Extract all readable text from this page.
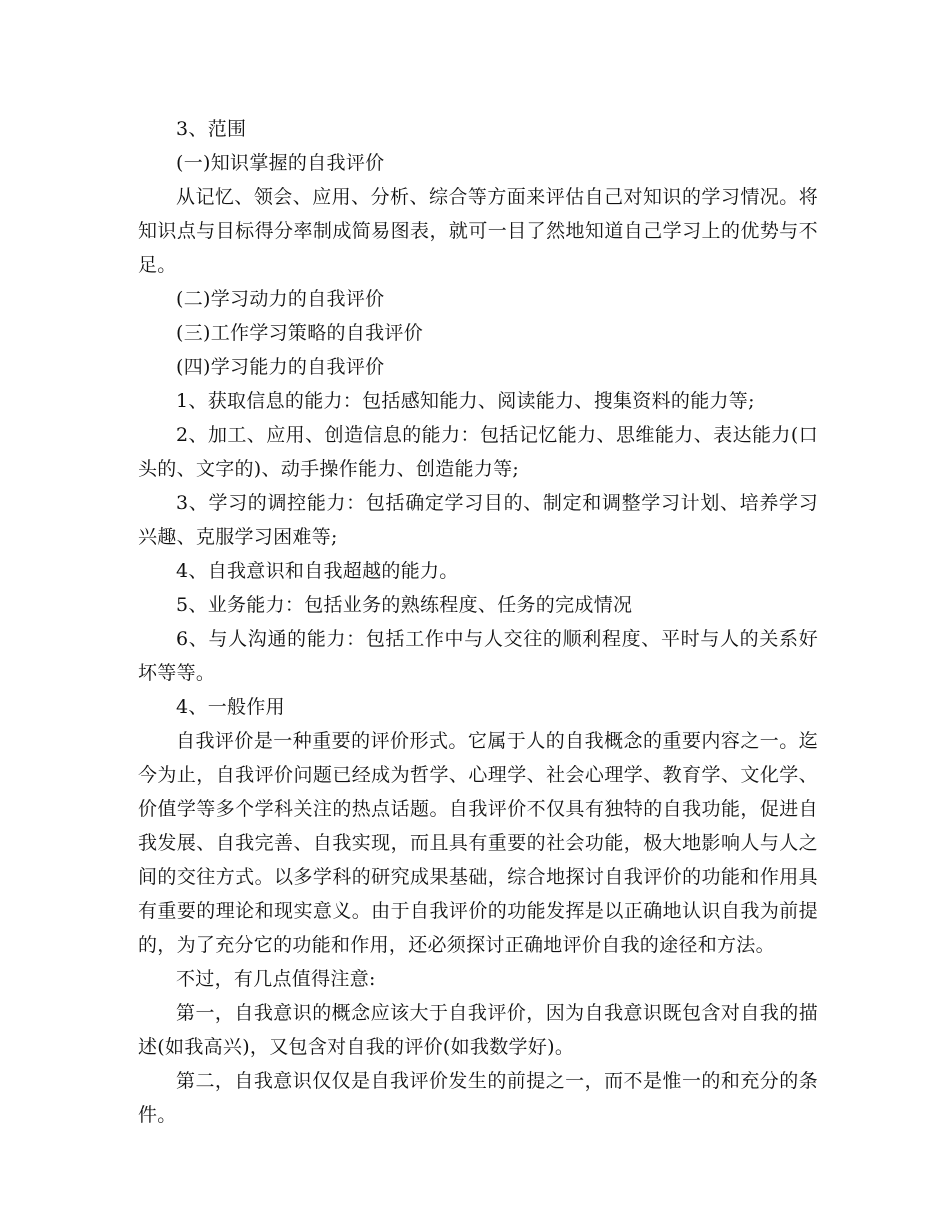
3、范围

(一)知识掌握的自我评价

从记忆、领会、应用、分析、综合等方面来评估自己对知识的学习情况。将知识点与目标得分率制成简易图表，就可一目了然地知道自己学习上的优势与不足。

(二)学习动力的自我评价

(三)工作学习策略的自我评价

(四)学习能力的自我评价

1、获取信息的能力：包括感知能力、阅读能力、搜集资料的能力等;

2、加工、应用、创造信息的能力：包括记忆能力、思维能力、表达能力(口头的、文字的)、动手操作能力、创造能力等;

3、学习的调控能力：包括确定学习目的、制定和调整学习计划、培养学习兴趣、克服学习困难等;

4、自我意识和自我超越的能力。

5、业务能力：包括业务的熟练程度、任务的完成情况

6、与人沟通的能力：包括工作中与人交往的顺利程度、平时与人的关系好坏等等。

4、一般作用

自我评价是一种重要的评价形式。它属于人的自我概念的重要内容之一。迄今为止，自我评价问题已经成为哲学、心理学、社会心理学、教育学、文化学、价值学等多个学科关注的热点话题。自我评价不仅具有独特的自我功能，促进自我发展、自我完善、自我实现，而且具有重要的社会功能，极大地影响人与人之间的交往方式。以多学科的研究成果基础，综合地探讨自我评价的功能和作用具有重要的理论和现实意义。由于自我评价的功能发挥是以正确地认识自我为前提的，为了充分它的功能和作用，还必须探讨正确地评价自我的途径和方法。

不过，有几点值得注意:

第一，自我意识的概念应该大于自我评价，因为自我意识既包含对自我的描述(如我高兴)，又包含对自我的评价(如我数学好)。

第二，自我意识仅仅是自我评价发生的前提之一，而不是惟一的和充分的条件。
